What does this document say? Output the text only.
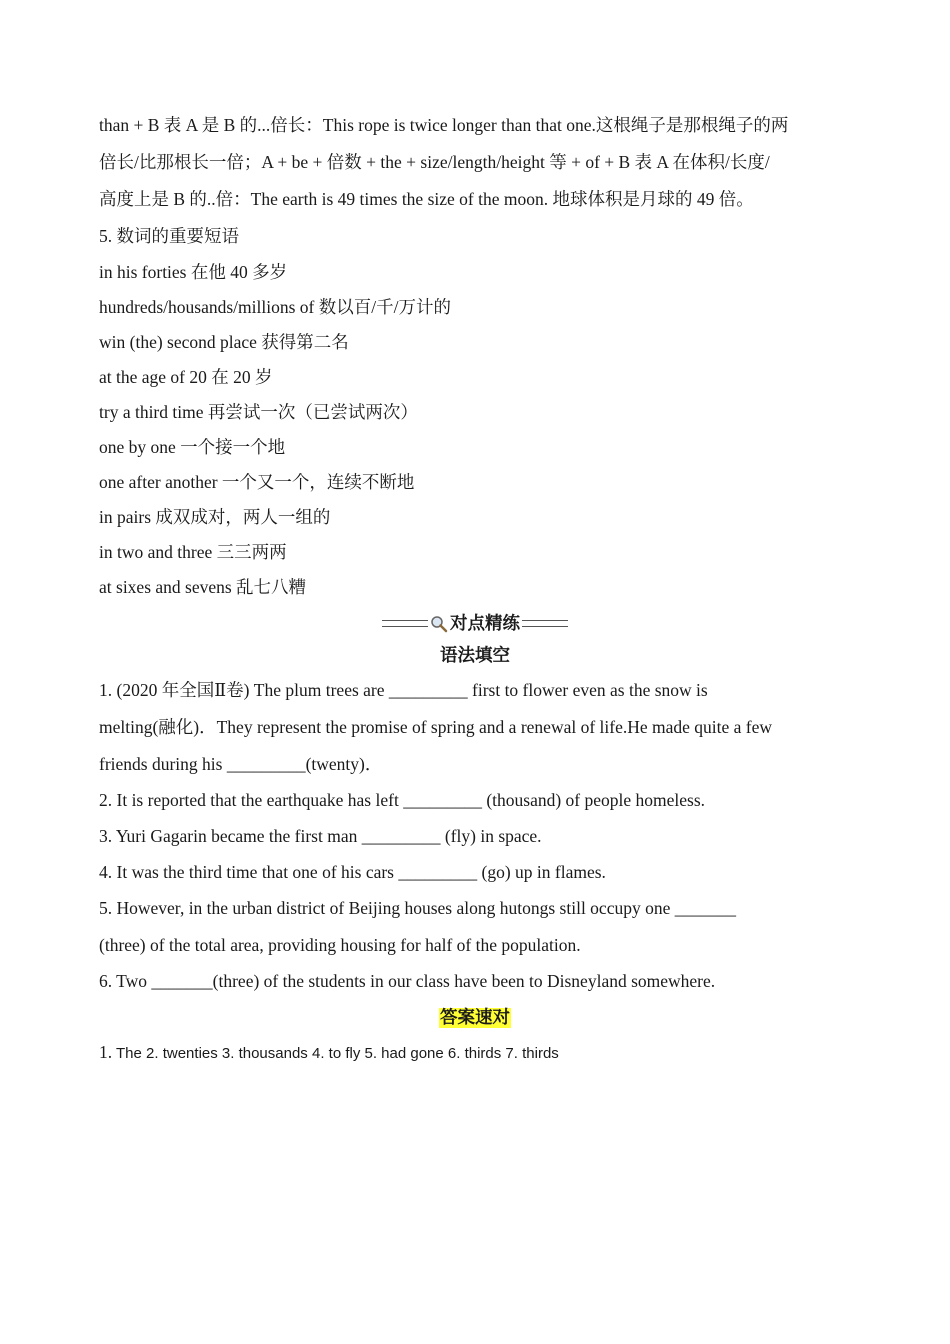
than + B 表 A 是 B 的...倍长：This rope is twice longer than that one.这根绳子是那根绳子的两
倍长/比那根长一倍；A + be + 倍数 + the + size/length/height 等 + of + B 表 A 在体积/长度/
高度上是 B 的..倍：The earth is 49 times the size of the moon. 地球体积是月球的 49 倍。
5. 数词的重要短语
in his forties 在他 40 多岁
hundreds/housands/millions of 数以百/千/万计的
win (the) second place 获得第二名
at the age of 20 在 20 岁
try a third time 再尝试一次（已尝试两次）
one by one 一个接一个地
one after another 一个又一个，连续不断地
in pairs 成双成对，两人一组的
in two and three 三三两两
at sixes and sevens 乱七八糟
对点精练
语法填空
1. (2020 年全国Ⅱ卷) The plum trees are _________ first to flower even as the snow is
melting(融化)．They represent the promise of spring and a renewal of life.He made quite a few
friends during his _________(twenty)．
2. It is reported that the earthquake has left _________ (thousand) of people homeless.
3. Yuri Gagarin became the first man _________ (fly) in space.
4. It was the third time that one of his cars _________ (go) up in flames.
5. However, in the urban district of Beijing houses along hutongs still occupy one _______
(three) of the total area, providing housing for half of the population.
6. Two _______(three) of the students in our class have been to Disneyland somewhere.
答案速对
1. The 2. twenties 3. thousands 4. to fly 5. had gone 6. thirds 7. thirds
